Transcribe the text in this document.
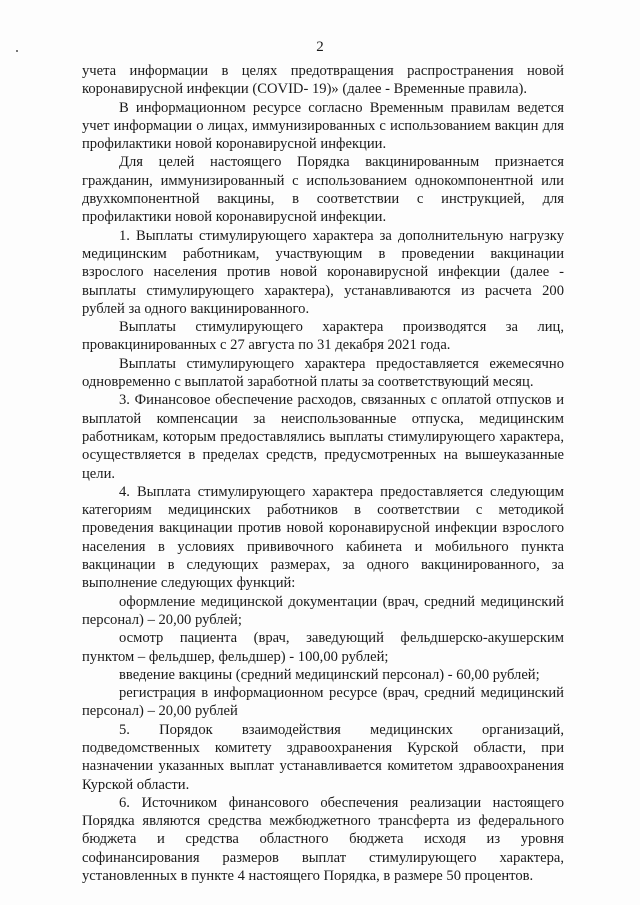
2

учета информации в целях предотвращения распространения новой коронавирусной инфекции (COVID- 19)» (далее - Временные правила).

В информационном ресурсе согласно Временным правилам ведется учет информации о лицах, иммунизированных с использованием вакцин для профилактики новой коронавирусной инфекции.

Для целей настоящего Порядка вакцинированным признается гражданин, иммунизированный с использованием однокомпонентной или двухкомпонентной вакцины, в соответствии с инструкцией, для профилактики новой коронавирусной инфекции.

1. Выплаты стимулирующего характера за дополнительную нагрузку медицинским работникам, участвующим в проведении вакцинации взрослого населения против новой коронавирусной инфекции (далее - выплаты стимулирующего характера), устанавливаются из расчета 200 рублей за одного вакцинированного.

Выплаты стимулирующего характера производятся за лиц, провакцинированных с 27 августа по 31 декабря 2021 года.

Выплаты стимулирующего характера предоставляется ежемесячно одновременно с выплатой заработной платы за соответствующий месяц.

3. Финансовое обеспечение расходов, связанных с оплатой отпусков и выплатой компенсации за неиспользованные отпуска, медицинским работникам, которым предоставлялись выплаты стимулирующего характера, осуществляется в пределах средств, предусмотренных на вышеуказанные цели.

4. Выплата стимулирующего характера предоставляется следующим категориям медицинских работников в соответствии с методикой проведения вакцинации против новой коронавирусной инфекции взрослого населения в условиях прививочного кабинета и мобильного пункта вакцинации в следующих размерах, за одного вакцинированного, за выполнение следующих функций:

оформление медицинской документации (врач, средний медицинский персонал) – 20,00 рублей;

осмотр пациента (врач, заведующий фельдшерско-акушерским пунктом – фельдшер, фельдшер) - 100,00 рублей;

введение вакцины (средний медицинский персонал) - 60,00 рублей;

регистрация в информационном ресурсе (врач, средний медицинский персонал) – 20,00 рублей

5. Порядок взаимодействия медицинских организаций, подведомственных комитету здравоохранения Курской области, при назначении указанных выплат устанавливается комитетом здравоохранения Курской области.

6. Источником финансового обеспечения реализации настоящего Порядка являются средства межбюджетного трансферта из федерального бюджета и средства областного бюджета исходя из уровня софинансирования размеров выплат стимулирующего характера, установленных в пункте 4 настоящего Порядка, в размере 50 процентов.
